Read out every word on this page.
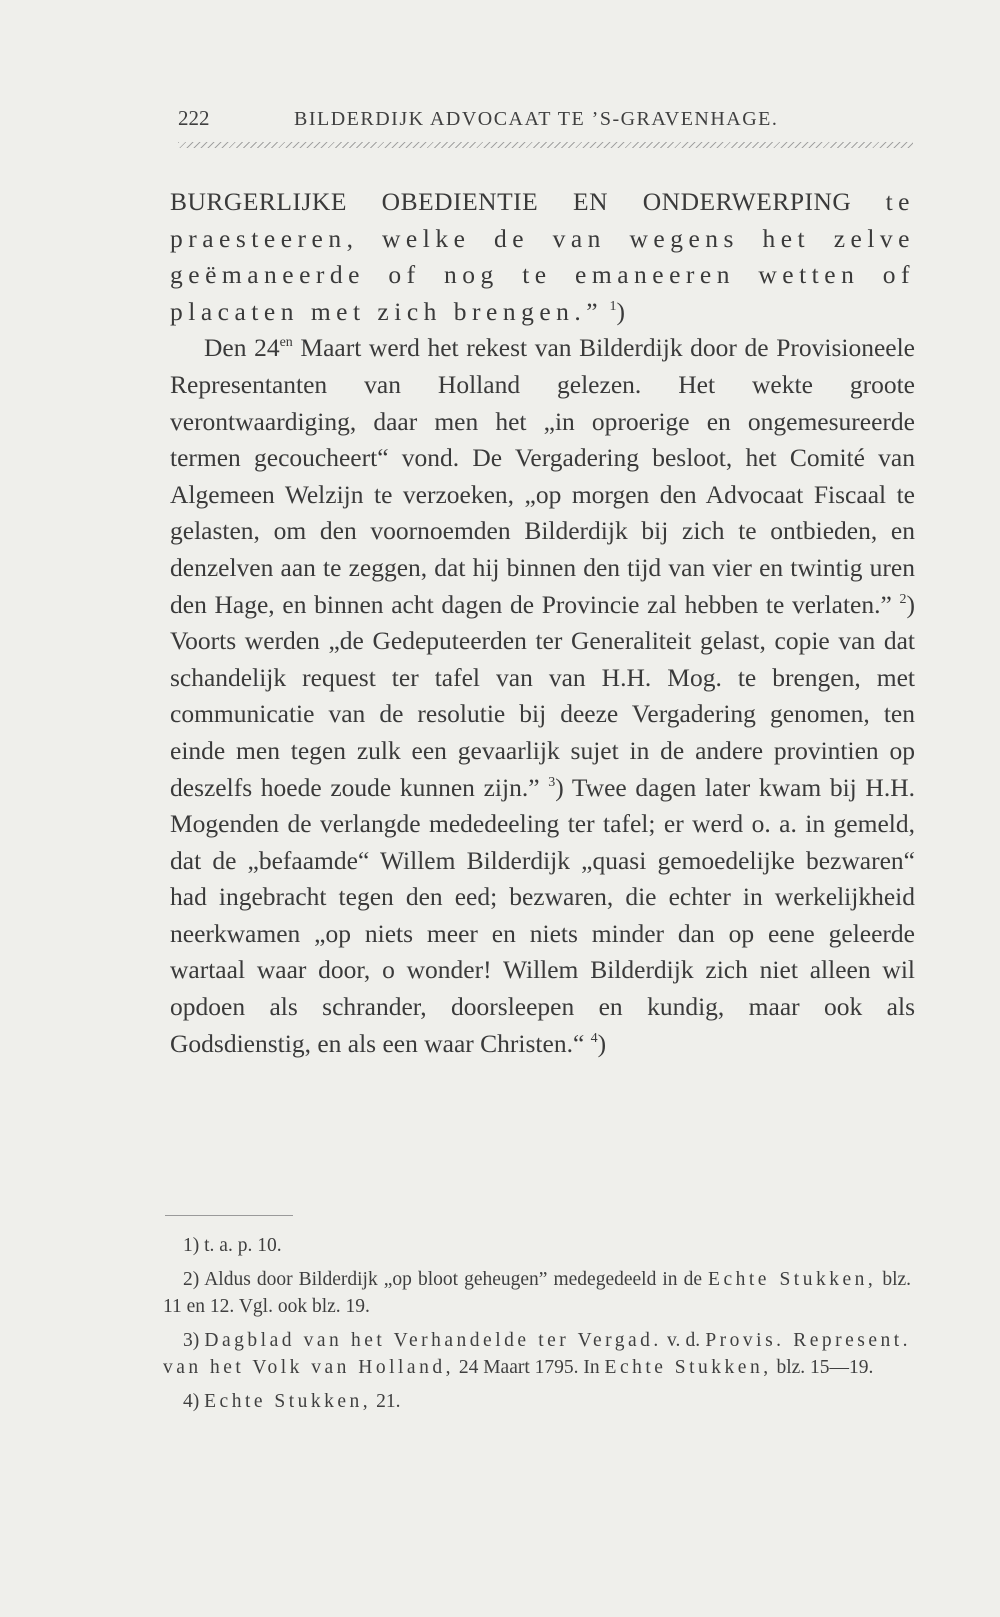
222	BILDERDIJK ADVOCAAT TE ’S-GRAVENHAGE.

BURGERLIJKE OBEDIENTIE EN ONDERWERPING te praesteeren, welke de van wegens het zelve geëmaneerde of nog te emaneeren wetten of placaten met zich brengen.” $^1$)

Den $24^{en}$ Maart werd het rekest van Bilderdijk door de Provisioneele Representanten van Holland gelezen. Het wekte groote verontwaardiging, daar men het „in oproerige en ongemesureerde termen gecoucheert“ vond. De Vergadering besloot, het Comité van Algemeen Welzijn te verzoeken, „op morgen den Advocaat Fiscaal te gelasten, om den voornoemden Bilderdijk bij zich te ontbieden, en denzelven aan te zeggen, dat hij binnen den tijd van vier en twintig uren den Hage, en binnen acht dagen de Provincie zal hebben te verlaten.” $^2$) Voorts werden „de Gedeputeerden ter Generaliteit gelast, copie van dat schandelijk request ter tafel van van H.H. Mog. te brengen, met communicatie van de resolutie bij deeze Vergadering genomen, ten einde men tegen zulk een gevaarlijk sujet in de andere provintien op deszelfs hoede zoude kunnen zijn.” $^3$) Twee dagen later kwam bij H.H. Mogenden de verlangde mededeeling ter tafel; er werd o. a. in gemeld, dat de „befaamde“ Willem Bilderdijk „quasi gemoedelijke bezwaren“ had ingebracht tegen den eed; bezwaren, die echter in werkelijkheid neerkwamen „op niets meer en niets minder dan op eene geleerde wartaal waar door, o wonder! Willem Bilderdijk zich niet alleen wil opdoen als schrander, doorsleepen en kundig, maar ook als Godsdienstig, en als een waar Christen.“ $^4$)

1) t. a. p. 10.

2) Aldus door Bilderdijk „op bloot geheugen” medegedeeld in de Echte Stukken, blz. 11 en 12. Vgl. ook blz. 19.

3) Dagblad van het Verhandelde ter Vergad. v. d. Provis. Represent. van het Volk van Holland, 24 Maart 1795. In Echte Stukken, blz. 15—19.

4) Echte Stukken, 21.
